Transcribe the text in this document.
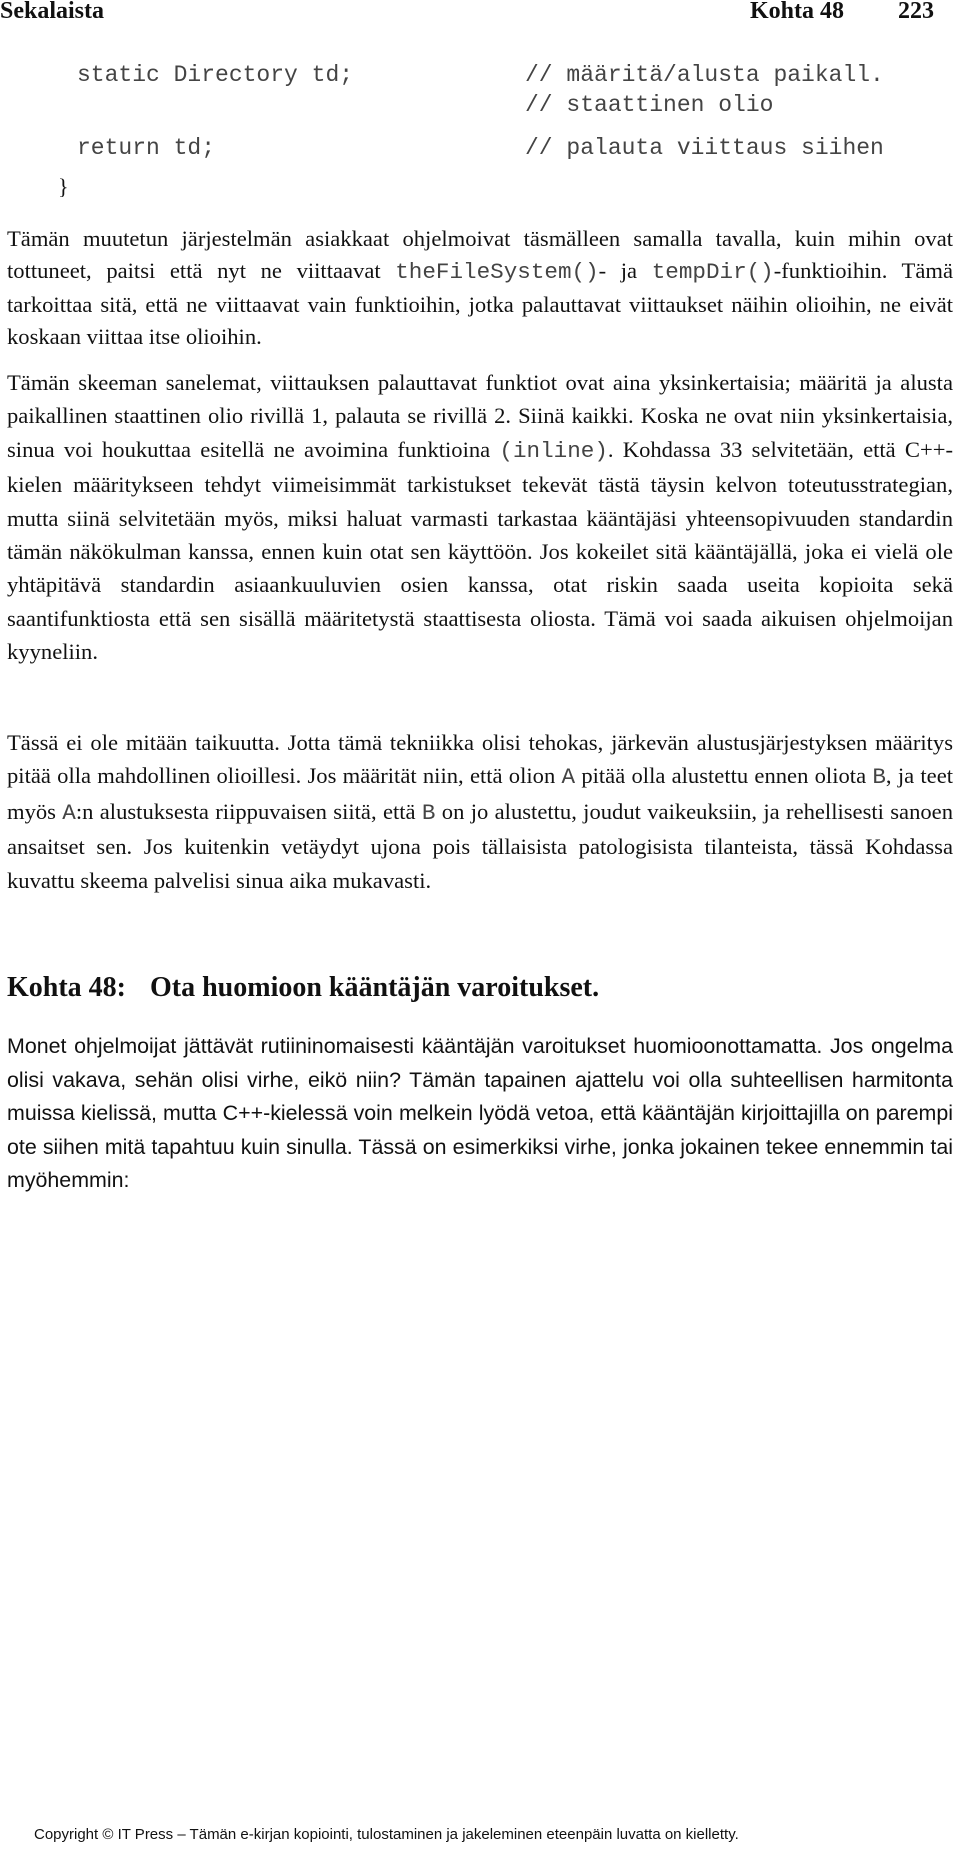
Sekalaista	Kohta 48 223
static Directory td;	// määritä/alusta paikall.
// staattinen olio
return td;	// palauta viittaus siihen
}

Tämän muutetun järjestelmän asiakkaat ohjelmoivat täsmälleen samalla tavalla, kuin mihin ovat tottuneet, paitsi että nyt ne viittaavat theFileSystem()- ja tempDir()-funktioihin. Tämä tarkoittaa sitä, että ne viittaavat vain funktioihin, jotka palauttavat viittaukset näihin olioihin, ne eivät koskaan viittaa itse olioihin.

Tämän skeeman sanelemat, viittauksen palauttavat funktiot ovat aina yksinkertaisia; määritä ja alusta paikallinen staattinen olio rivillä 1, palauta se rivillä 2. Siinä kaikki. Koska ne ovat niin yksinkertaisia, sinua voi houkuttaa esitellä ne avoimina funktioina (inline). Kohdassa 33 selvitetään, että C++-kielen määritykseen tehdyt viimeisimmät tarkistukset tekevät tästä täysin kelvon toteutusstrategian, mutta siinä selvitetään myös, miksi haluat varmasti tarkastaa kääntäjäsi yhteensopivuuden standardin tämän näkökulman kanssa, ennen kuin otat sen käyttöön. Jos kokeilet sitä kääntäjällä, joka ei vielä ole yhtäpitävä standardin asiaankuuluvien osien kanssa, otat riskin saada useita kopioita sekä saantifunktiosta että sen sisällä määritetystä staattisesta oliosta. Tämä voi saada aikuisen ohjelmoijan kyyneliin.

Tässä ei ole mitään taikuutta. Jotta tämä tekniikka olisi tehokas, järkevän alustusjärjestyksen määritys pitää olla mahdollinen olioillesi. Jos määrität niin, että olion A pitää olla alustettu ennen oliota B, ja teet myös A:n alustuksesta riippuvaisen siitä, että B on jo alustettu, joudut vaikeuksiin, ja rehellisesti sanoen ansaitset sen. Jos kuitenkin vetäydyt ujona pois tällaisista patologisista tilanteista, tässä Kohdassa kuvattu skeema palvelisi sinua aika mukavasti.

Kohta 48: Ota huomioon kääntäjän varoitukset.

Monet ohjelmoijat jättävät rutiininomaisesti kääntäjän varoitukset huomioonottamatta. Jos ongelma olisi vakava, sehän olisi virhe, eikö niin? Tämän tapainen ajattelu voi olla suhteellisen harmitonta muissa kielissä, mutta C++-kielessä voin melkein lyödä vetoa, että kääntäjän kirjoittajilla on parempi ote siihen mitä tapahtuu kuin sinulla. Tässä on esimerkiksi virhe, jonka jokainen tekee ennemmin tai myöhemmin:

Copyright © IT Press – Tämän e-kirjan kopiointi, tulostaminen ja jakeleminen eteenpäin luvatta on kielletty.
